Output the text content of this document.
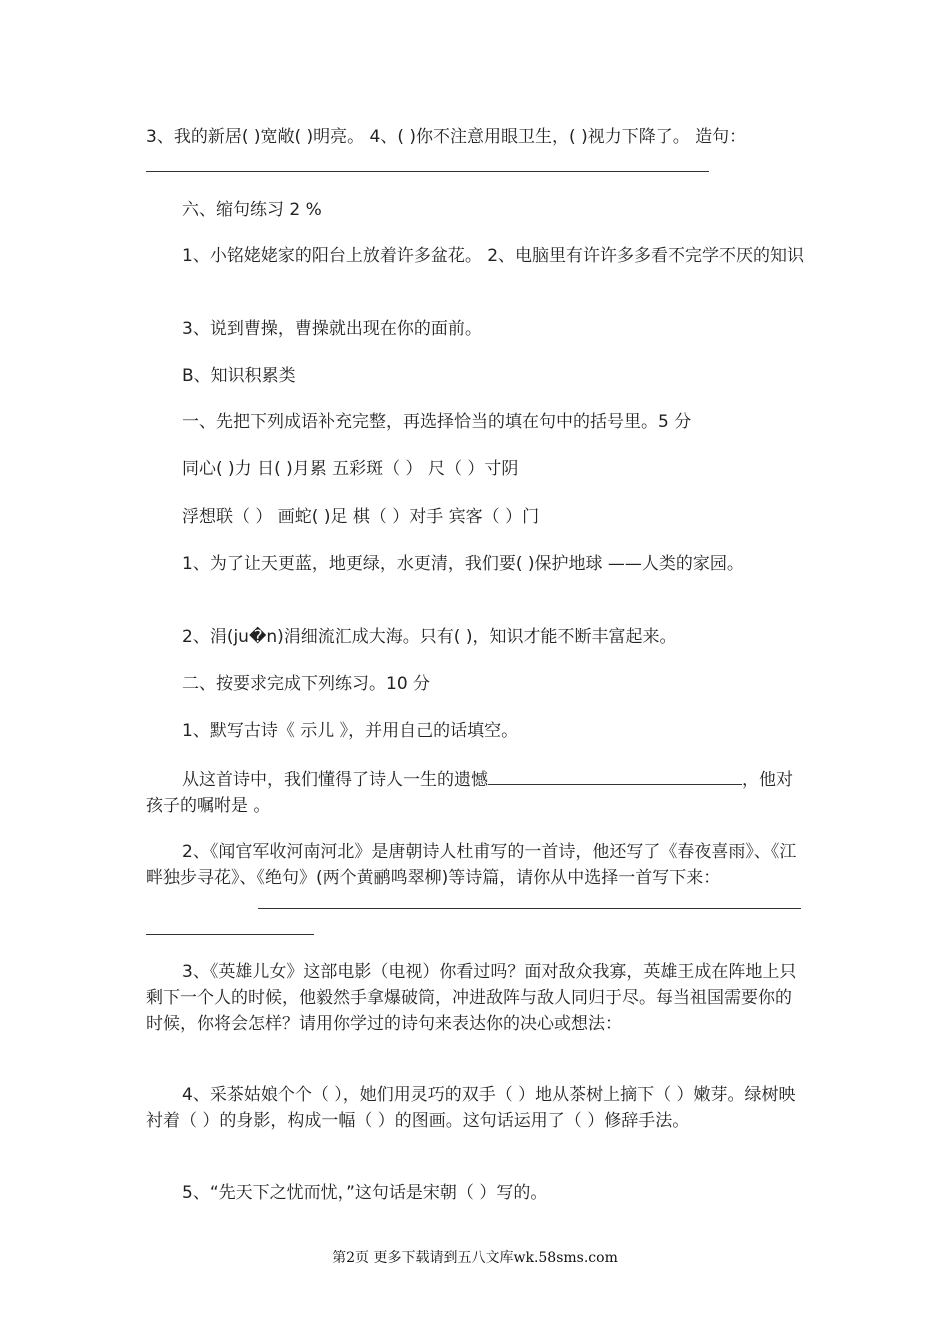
3、我的新居( )宽敞( )明亮。 4、( )你不注意用眼卫生，( )视力下降了。 造句：

六、缩句练习 2 %

1、小铭姥姥家的阳台上放着许多盆花。 2、电脑里有许许多多看不完学不厌的知识

3、说到曹操，曹操就出现在你的面前。

B、知识积累类

一、先把下列成语补充完整，再选择恰当的填在句中的括号里。5 分

同心( )力 日( )月累 五彩斑（ ） 尺（ ）寸阴

浮想联（ ） 画蛇( )足 棋（ ）对手 宾客（ ）门

1、为了让天更蓝，地更绿，水更清，我们要( )保护地球 ——人类的家园。

2、涓(ju�n)涓细流汇成大海。只有( )，知识才能不断丰富起来。

二、按要求完成下列练习。10 分

1、默写古诗《 示儿 》，并用自己的话填空。

从这首诗中，我们懂得了诗人一生的遗憾	，他对孩子的嘱咐是 。

2、《闻官军收河南河北》是唐朝诗人杜甫写的一首诗，他还写了《春夜喜雨》、《江畔独步寻花》、《绝句》(两个黄鹂鸣翠柳)等诗篇，请你从中选择一首写下来：

3、《英雄儿女》这部电影（电视）你看过吗？面对敌众我寡，英雄王成在阵地上只剩下一个人的时候，他毅然手拿爆破筒，冲进敌阵与敌人同归于尽。每当祖国需要你的时候，你将会怎样？请用你学过的诗句来表达你的决心或想法：

4、采茶姑娘个个（ ），她们用灵巧的双手（ ）地从茶树上摘下（ ）嫩芽。绿树映衬着（ ）的身影，构成一幅（ ）的图画。这句话运用了（ ）修辞手法。

5、“先天下之忧而忧，”这句话是宋朝（ ）写的。

第2页 更多下载请到五八文库wk.58sms.com
